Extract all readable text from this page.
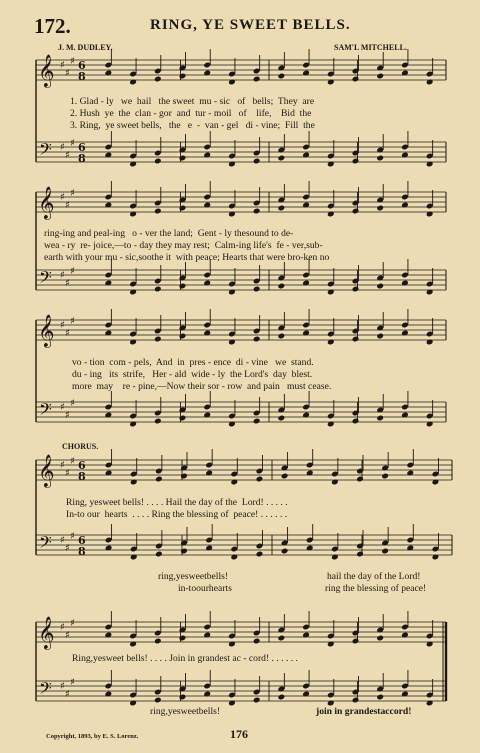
𝄞
𝄢
♯
♯
♯
♯
♯
♯
6
8
6
8
𝄞
𝄢
♯
♯
♯
♯
♯
♯
𝄞
𝄢
♯
♯
♯
♯
♯
♯
𝄞
𝄢
♯
♯
♯
♯
♯
♯
6
8
6
8
𝄞
𝄢
♯
♯
♯
♯
♯
♯
172.	RING, YE SWEET BELLS.
J. M. DUDLEY.	SAM'L MITCHELL.
1. Glad - ly   we  hail   the sweet  mu - sic   of   bells;  They  are
2. Hush  ye  the  clan - gor  and  tur - moil   of    life,    Bid  the
3. Ring,  ye sweet bells,   the   e  -  van - gel   di - vine;  Fill  the
ring-ing and peal-ing   o - ver the land;  Gent - ly thesound to de-
wea - ry  re- joice,—to - day they may rest;  Calm-ing life's  fe - ver,sub-
earth with your mu - sic,soothe it  with peace; Hearts that were bro-ken no
vo - tion  com - pels,  And  in  pres - ence  di - vine   we  stand.
du - ing   its  strife,   Her - ald  wide - ly  the Lord's  day  blest.
more  may    re - pine,—Now their sor - row  and pain   must cease.
CHORUS.
Ring, yesweet bells! . . . . Hail the day of the  Lord! . . . . .
In-to our  hearts  . . . . Ring the blessing of  peace! . . . . . .
ring,yesweetbells!
in-toourhearts
hail the day of the Lord!
ring the blessing of peace!
Ring,yesweet bells! . . . . Join in grandest ac - cord! . . . . . .
ring,yesweetbells!	join in grandestaccord!
Copyright, 1893, by E. S. Lorenz.	176
